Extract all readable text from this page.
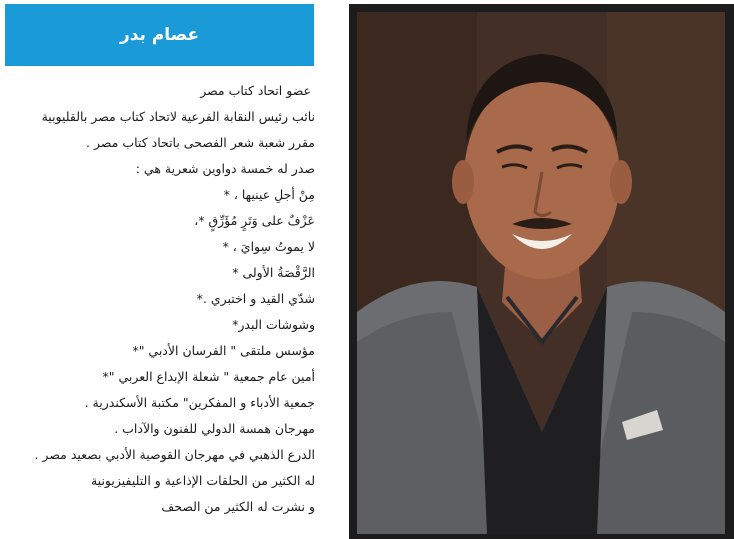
عصام بدر
عضو اتحاد كتاب مصر
نائب رئيس النقابة الفرعية لاتحاد كتاب مصر بالقليوبية
مقرر شعبة شعر الفصحى باتحاد كتاب مصر .
صدر له خمسة دواوين شعرية هي :
مِنْ أجلِ عينيها ، *
عَزْفٌ على وَتَرٍ مُؤَرِّقٍ *،
لا يموتُ سِوايَ ، *
الرَّقْصَةُ الأولى *
شدّي القيد و اختبري .*
وشوشات البدر*
مؤسس ملتقى " الفرسان الأدبي "*
أمين عام جمعية " شعلة الإبداع العربي "*
جمعية الأدباء و المفكرين" مكتبة الأسكندرية .
مهرجان همسة الدولي للفنون والآداب .
الدرع الذهبي في مهرجان القوصية الأدبي بصعيد مصر .
له الكثير من الحلقات الإذاعية و التليفيزيونية
و نشرت له الكثير من الصحف
